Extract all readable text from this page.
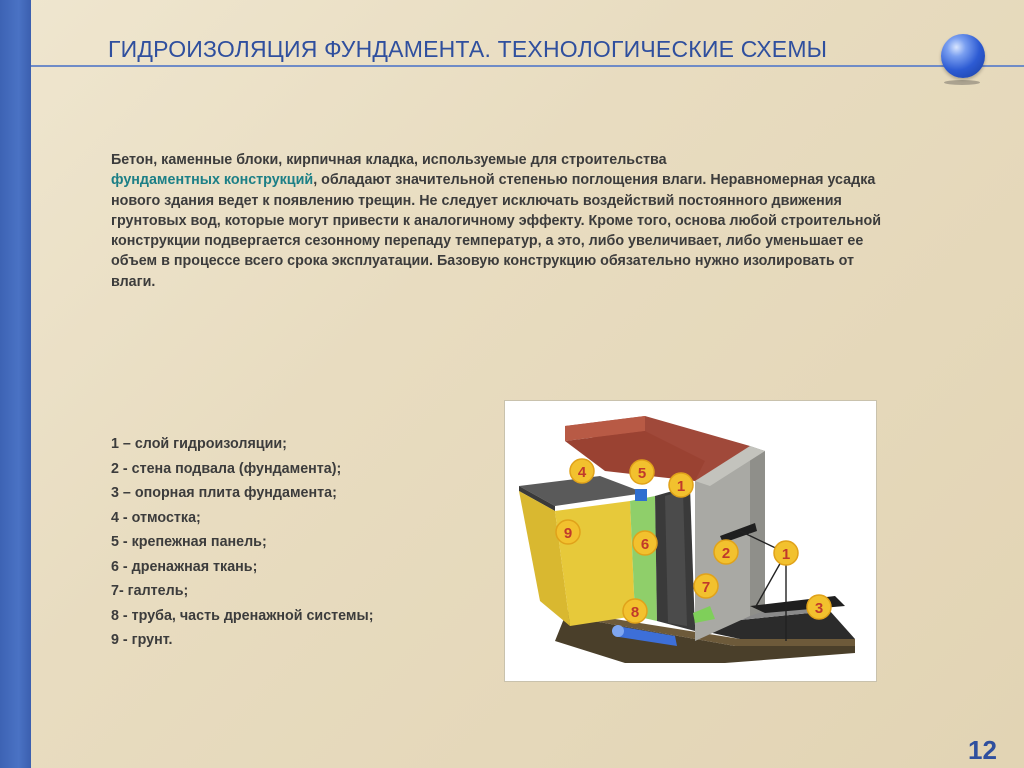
ГИДРОИЗОЛЯЦИЯ ФУНДАМЕНТА. ТЕХНОЛОГИЧЕСКИЕ СХЕМЫ
Бетон, каменные блоки, кирпичная кладка, используемые для строительства
фундаментных конструкций, обладают значительной степенью поглощения влаги. Неравномерная усадка нового здания ведет к появлению трещин. Не следует исключать воздействий постоянного движения грунтовых вод, которые могут привести к аналогичному эффекту. Кроме того, основа любой строительной конструкции подвергается сезонному перепаду температур, а это, либо увеличивает, либо уменьшает ее объем в процессе всего срока эксплуатации. Базовую конструкцию обязательно нужно изолировать от влаги.
1 – слой гидроизоляции;
2 - стена подвала (фундамента);
3 – опорная плита фундамента;
4 - отмостка;
5 - крепежная панель;
6 - дренажная ткань;
7- галтель;
8 - труба, часть дренажной системы;
9 - грунт.
4	5
1
9
6
2	1
7
3
8
12
